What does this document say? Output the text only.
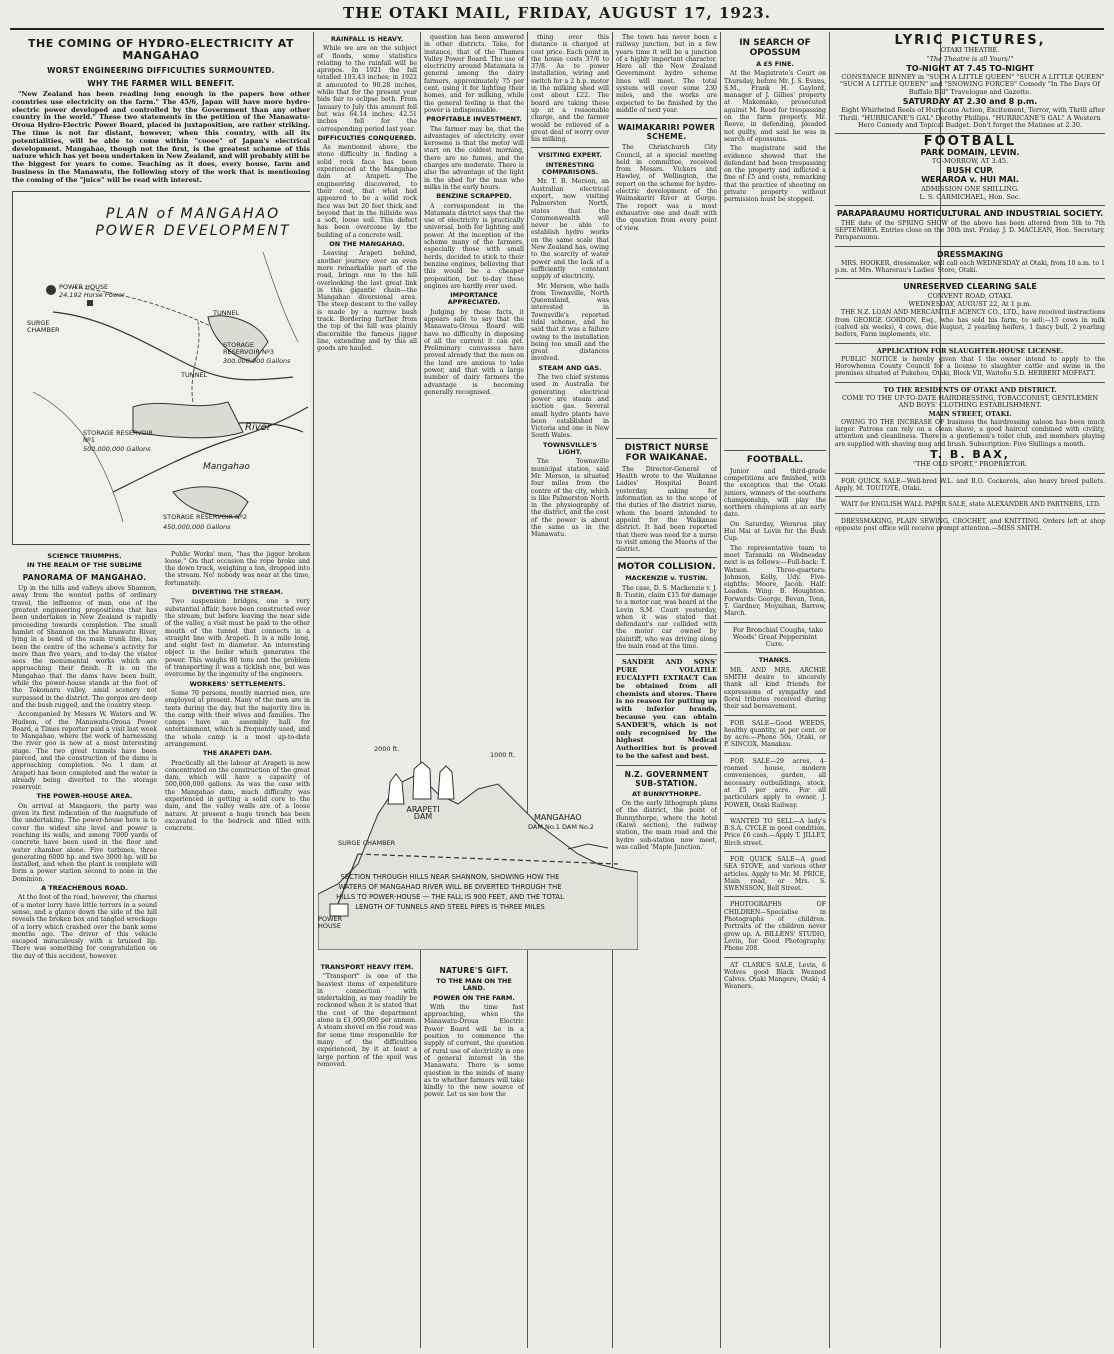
THE OTAKI MAIL, FRIDAY, AUGUST 17, 1923.
THE COMING OF HYDRO-ELECTRICITY AT MANGAHAO
WORST ENGINEERING DIFFICULTIES SURMOUNTED.
WHY THE FARMER WILL BENEFIT.

"New Zealand has been reading long enough in the papers how other countries use electricity on the farm." The 45/6, Japan will have more hydro-electric power developed and controlled by the Government than any other country in the world." These two statements in the petition of the Manawatu-Oroua Hydro-Electric Power Board, placed in juxtaposition, are rather striking. The time is not far distant, however, when this country, with all its potentialities, will be able to come within "cooee" of Japan's electrical development. Mangahao, though not the first, is the greatest scheme of this nature which has yet been undertaken in New Zealand, and will probably still be the biggest for years to come. Teaching as it does, every house, farm and business in the Manawatu, the following story of the work that is mentioning the coming of the "juice" will be read with interest.

PLAN of MANGAHAO POWER DEVELOPMENT
POWER HOUSE
24,192 Horse Power
SURGE CHAMBER
TUNNEL
STORAGE RESERVOIR Nº3
300,000,000 Gallons
TUNNEL
STORAGE RESERVOIR Nº1
500,000,000 Gallons
River
Mangahao
STORAGE RESERVOIR Nº2
450,000,000 Gallons
SCIENCE TRIUMPHS.
IN THE REALM OF THE SUBLIME
PANORAMA OF MANGAHAO.

Up in the hills and valleys above Shannon, away from the wonted paths of ordinary travel, the influence of man, one of the greatest engineering propositions that has been undertaken in New Zealand is rapidly proceeding towards completion. The small hamlet of Shannon on the Manawatu River, lying in a bend of the main trunk line, has been the centre of the scheme's activity for more than five years, and to-day the visitor sees the monumental works which are approaching their finish. It is on the Mangahao that the dams have been built, while the power-house stands at the foot of the Tokomaru valley, amid scenery not surpassed in the district. The gorges are deep and the bush rugged, and the country steep.

Accompanied by Messrs W. Waters and W. Hudson, of the Manawatu-Oroua Power Board, a Times reporter paid a visit last week to Mangahao, where the work of harnessing the river goo is now at a most interesting stage. The two great tunnels have been pierced, and the construction of the dams is approaching completion. No. 1 dam at Arapeti has been completed and the water is already being diverted to the storage reservoir.

THE POWER-HOUSE AREA.

On arrival at Mangaore, the party was given its first indication of the magnitude of the undertaking. The power-house here is to cover the widest site level and power is reaching its walls, and among 7000 yards of concrete have been used in the floor and water chamber alone. Five turbines, three generating 6000 hp. and two 3000 hp. will be installed, and when the plant is complete will form a power station second to none in the Dominion.

A TREACHEROUS ROAD.

At the foot of the road, however, the charms of a motor lorry have little terrors in a sound sense, and a glance down the side of the hill reveals the broken box and tangled wreckage of a lorry which crashed over the bank some months ago. The driver of this vehicle escaped miraculously with a bruised lip. There was something for congratulation on the day of this accident, however.

Public Works' men, "has the jigger broken loose." On that occasion the rope broke and the down truck, weighing a ton, dropped into the stream. No! nobody was near at the time, fortunately.

DIVERTING THE STREAM.

Two suspension bridges, one a very substantial affair, have been constructed over the stream, but before leaving the near side of the valley, a visit must be paid to the other mouth of the tunnel that connects in a straight line with Arapeti. It is a mile long, and eight feet in diameter. An interesting object is the boiler which generates the power. This weighs 80 tons and the problem of transporting it was a ticklish one, but was overcome by the ingenuity of the engineers.

WORKERS' SETTLEMENTS.

Some 70 persons, mostly married men, are employed at present. Many of the men are in tents during the day, but the majority live in the camp with their wives and families. The camps have an assembly hall for entertainment, which is frequently used, and the whole camp is a most up-to-date arrangement.

THE ARAPETI DAM.

Practically all the labour at Arapeti is now concentrated on the construction of the great dam, which will have a capacity of 500,000,000 gallons. As was the case with the Mangahao dam, much difficulty was experienced in getting a solid core to the dam, and the valley walls are of a loose nature. At present a huge trench has been excavated to the bedrock and filled with concrete.

RAINFALL IS HEAVY.

While we are on the subject of floods, some statistics relating to the rainfall will be apropos. In 1921 the fall totalled 103.43 inches; in 1922 it amounted to 90.28 inches, while that for the present year bids fair to eclipse both. From January to July this amount fell but was 64.14 inches; 42.51 inches fell for the corresponding period last year.

DIFFICULTIES CONQUERED.

As mentioned above, the stone difficulty in finding a solid rock face has been experienced at the Mangahao dam at Arapeti. The engineering discovered, to their cost, that what had appeared to be a solid rock face was but 20 feet thick and beyond that in the hillside was a soft, loose soil. This defect has been overcome by the building of a concrete wall.

ON THE MANGAHAO.

Leaving Arapeti behind, another journey over an even more remarkable part of the road, brings one to the hill overlooking the last great link in this gigantic chain—the Mangahao diversional area. The steep descent to the valley is made by a narrow bush track. Bordering further from the top of the hill was plainly discernible the famous jigger line, extending and by this all goods are hauled.

question has been answered in other districts. Take, for instance, that of the Thames Valley Power Board. The use of electricity around Matamata is general among the dairy farmers, approximately 75 per cent. using it for lighting their homes, and for milking, while the general feeling is that the power is indispensable.

PROFITABLE INVESTMENT.

The farmer may be, that the advantages of electricity over kerosene is that the motor will start on the coldest morning, there are no fumes, and the charges are moderate. There is also the advantage of the light in the shed for the man who milks in the early hours.

BENZINE SCRAPPED.

A correspondent in the Matamata district says that the use of electricity is practically universal, both for lighting and power. At the inception of the scheme many of the farmers, especially those with small herds, decided to stick to their benzine engines, believing that this would be a cheaper proposition, but to-day these engines are hardly ever used.

IMPORTANCE APPRECIATED.

Judging by these facts, it appears safe to say that the Manawatu-Oroua Board will have no difficulty in disposing of all the current it can get. Preliminary canvasses have proved already that the men on the land are anxious to take power, and that with a large number of dairy farmers the advantage is becoming generally recognised.

2000 ft.
1000 ft.
ARAPETI DAM	MANGAHAO
DAM No.1 DAM No.2
SURGE CHAMBER
POWER HOUSE
SECTION THROUGH HILLS NEAR SHANNON, SHOWING HOW THE WATERS OF MANGAHAO RIVER WILL BE DIVERTED THROUGH THE HILLS TO POWER-HOUSE — THE FALL IS 900 FEET, AND THE TOTAL LENGTH OF TUNNELS AND STEEL PIPES IS THREE MILES
TRANSPORT HEAVY ITEM.

"Transport" is one of the heaviest items of expenditure in connection with undertaking, as may readily be reckoned when it is stated that the cost of the department alone is £1,000,000 per annum. A steam shovel on the road was for some time responsible for many of the difficulties experienced, by it at least a large portion of the spoil was removed.

NATURE'S GIFT.
TO THE MAN ON THE LAND.
POWER ON THE FARM.

With the time fast approaching, when the Manawatu-Oroua Electric Power Board will be in a position to commence the supply of current, the question of rural use of electricity is one of general interest in the Manawatu. There is some question in the minds of many as to whether farmers will take kindly to the new source of power. Let us see how the

thing over this distance is charged at cost price. Each point in the house costs 37/6 to 37/8. As to power installation, wiring and switch for a 2 h.p. motor in the milking shed will cost about £22. The board are taking these up at a reasonable charge, and the farmer would be relieved of a great deal of worry over his milking.

VISITING EXPERT.
INTERESTING COMPARISONS.

Mr. T. B. Merson, an Australian electrical expert, now visiting Palmerston North, states that the Commonwealth will never be able to establish hydro works on the same scale that New Zealand has, owing to the scarcity of water power and the lack of a sufficiently constant supply of electricity.

Mr. Merson, who hails from Townsville, North Queensland, was interested in Townsville's reported tidal scheme, and he said that it was a failure owing to the installation being too small and the great distances involved.

STEAM AND GAS.

The two chief systems used in Australia for generating electrical power are steam and suction gas. Several small hydro plants have been established in Victoria and one in New South Wales.

TOWNSVILLE'S LIGHT.

The Townsville municipal station, said Mr. Merson, is situated four miles from the centre of the city, which is like Palmerston North in the physiography of the district, and the cost of the power is about the same as in the Manawatu.

The town has never been a railway junction, but in a few years time it will be a junction of a highly important character. Here all the New Zealand Government hydro scheme lines will meet. The total system will cover some 230 miles, and the works are expected to be finished by the middle of next year.

WAIMAKARIRI POWER SCHEME.

The Christchurch City Council, at a special meeting held in committee, received from Messrs. Vickers and Hawley, of Wellington, the report on the scheme for hydro-electric development of the Waimakariri River at Gorge. The report was a most exhaustive one and dealt with the question from every point of view.

DISTRICT NURSE FOR WAIKANAE.

The Director-General of Health wrote to the Waikanae Ladies' Hospital Board yesterday, asking for information as to the scope of the duties of the district nurse, whom the board intended to appoint for the Waikanae district. It had been reported that there was need for a nurse to visit among the Maoris of the district.

MOTOR COLLISION.
MACKENZIE v. TUSTIN.

The case, D. S. Mackenzie v. J. B. Tustin, claim £15 for damage to a motor car, was heard at the Levin S.M. Court yesterday, when it was stated that defendant's car collided with the motor car owned by plaintiff, who was driving along the main road at the time.

SANDER AND SONS' PURE VOLATILE EUCALYPTI EXTRACT Can be obtained from all chemists and stores. There is no reason for putting up with inferior brands, because you can obtain SANDER'S, which is not only recognised by the highest Medical Authorities but is proved to be the safest and best.

N.Z. GOVERNMENT SUB-STATION.
AT BUNNYTHORPE.

On the early lithograph plans of the district, the point of Bunnythorpe, where the hotel (Kaiwi section), the railway station, the main road and the hydro sub-station now meet, was called 'Maple Junction.'

IN SEARCH OF OPOSSUM
A £5 FINE.

At the Magistrate's Court on Thursday, before Mr. J. S. Evans, S.M., Frank H. Gaylord, manager of J. Gillies' property at Makomako, prosecuted against M. Reed for trespassing on the farm property. Mr. Reeve, in defending, pleaded not guilty, and said he was in search of opossums.

The magistrate said the evidence showed that the defendant had been trespassing on the property and inflicted a fine of £5 and costs, remarking that the practice of shooting on private property without permission must be stopped.

FOOTBALL.

Junior and third-grade competitions are finished, with the exception that the Otaki juniors, winners of the southern championship, will play the northern champions at an early date.

On Saturday, Weraroa play Hui Mai at Levin for the Bush Cup.

The representative team to meet Taranaki on Wednesday next is as follows:—Full-back: T. Watson. Three-quarters: Johnson, Kelly, Udy. Five-eighths: Moore, Jacob. Half: Leaden. Wing: B. Houghton. Forwards: George, Bevan, Tonn, T. Gardner, Moynihan, Barrow, March.

For Bronchial Coughs, take Woods' Great Peppermint Cure.

THANKS.

MR. AND MRS. ARCHIE SMITH desire to sincerely thank all kind friends for expressions of sympathy and floral tributes received during their sad bereavement.

FOR SALE—Good WEEDS, healthy quantity, at per cent. or by acre.—Phone 50s, Otaki, or P. SINCOX, Manakau.

FOR SALE—29 acres, 4-roomed house, modern conveniences, garden, all necessary outbuildings, stock, at £5 per acre. For all particulars apply to owner, J. POWER, Otaki Railway.

WANTED TO SELL—A lady's B.S.A. CYCLE in good condition. Price £6 cash.—Apply T. JILLET, Birch street.

FOR QUICK SALE—A good SEA STOVE, and various other articles. Apply to Mr. M. PRICE, Main road, or Mrs. S. SWENSSON, Bell Street.

PHOTOGRAPHS OF CHILDREN—Specialise in Photographs of children. Portraits of the children never grow up. A. BILLENS' STUDIO, Levin, for Good Photography. Phone 208.

AT CLARK'S SALE, Levin, 6 Wolves good Black Weaned Calves. Otaki Mangere, Otaki; 4 Weaners.

LYRIC PICTURES,
OTAKI THEATRE.
"The Theatre is all Yours!"
TO-NIGHT AT 7.45 TO-NIGHT

CONSTANCE BINNEY in "SUCH A LITTLE QUEEN" "SUCH A LITTLE QUEEN" "SUCH A LITTLE QUEEN" and "SNOWING FORCES" Comedy "In The Days Of Buffalo Bill" Travelogue and Gazette.

SATURDAY AT 2.30 and 8 p.m.

Eight Whirlwind Reels of Hurricane Action, Excitement, Terror, with Thrill after Thrill. "HURRICANE'S GAL" Dorothy Phillips. "HURRICANE'S GAL" A Western Hero Comedy and Topical Budget. Don't forget the Matinee at 2.30.

FOOTBALL
PARK DOMAIN, LEVIN.
TO-MORROW, AT 3.45.
BUSH CUP.
WERAROA v. HUI MAI.
ADMISSION ONE SHILLING.
L. S. CARMICHAEL, Hon. Sec.
PARAPARAUMU HORTICULTURAL AND INDUSTRIAL SOCIETY.

THE date of the SPRING SHOW of the above has been altered from 5th to 7th SEPTEMBER. Entries close on the 30th inst. Friday. J. D. MACLEAN, Hon. Secretary, Paraparaumu.

DRESSMAKING

MRS. HOOKER, dressmaker, will call each WEDNESDAY at Otaki, from 10 a.m. to 1 p.m. at Mrs. Wharerau's Ladies' Store, Otaki.

UNRESERVED CLEARING SALE
CONVENT ROAD, OTAKI.
WEDNESDAY, AUGUST 22, At 1 p.m.

THE N.Z. LOAN AND MERCANTILE AGENCY CO., LTD., have received instructions from GEORGE GORDON, Esq., who has sold his farm, to sell:—15 cows in milk (calved six weeks), 4 cows, due August, 2 yearling heifers, 1 fancy bull, 2 yearling heifers, Farm implements, etc.

APPLICATION FOR SLAUGHTER-HOUSE LICENSE.

PUBLIC NOTICE is hereby given that I the owner intend to apply to the Horowhenua County Council for a license to slaughter cattle and swine in the premises situated at Pukehou, Otaki, Block VII, Waitohu S.D. HERBERT MOFFATT.

TO THE RESIDENTS OF OTAKI AND DISTRICT.
COME TO THE UP-TO-DATE HAIRDRESSING, TOBACCONIST, GENTLEMEN AND BOYS' CLOTHING ESTABLISHMENT.
MAIN STREET, OTAKI.

OWING TO THE INCREASE OF business the hairdressing saloon has been much larger. Patrons can rely on a clean shave, a good haircut combined with civility, attention and cleanliness. There is a gentlemen's toilet club, and members playing are supplied with shaving mug and brush. Subscription: Five Shillings a month.

T. B. BAX,
"THE OLD SPORT," PROPRIETOR.

FOR QUICK SALE—Well-bred W.L. and B.O. Cockerels, also heavy breed pullets. Apply, M. TOUTOTE, Otaki.

WAIT for ENGLISH WALL PAPER SALE, state ALEXANDER AND PARTNERS, LTD.

DRESSMAKING, PLAIN SEWING, CROCHET, and KNITTING. Orders left at shop opposite post office will receive prompt attention.—MISS SMITH.
